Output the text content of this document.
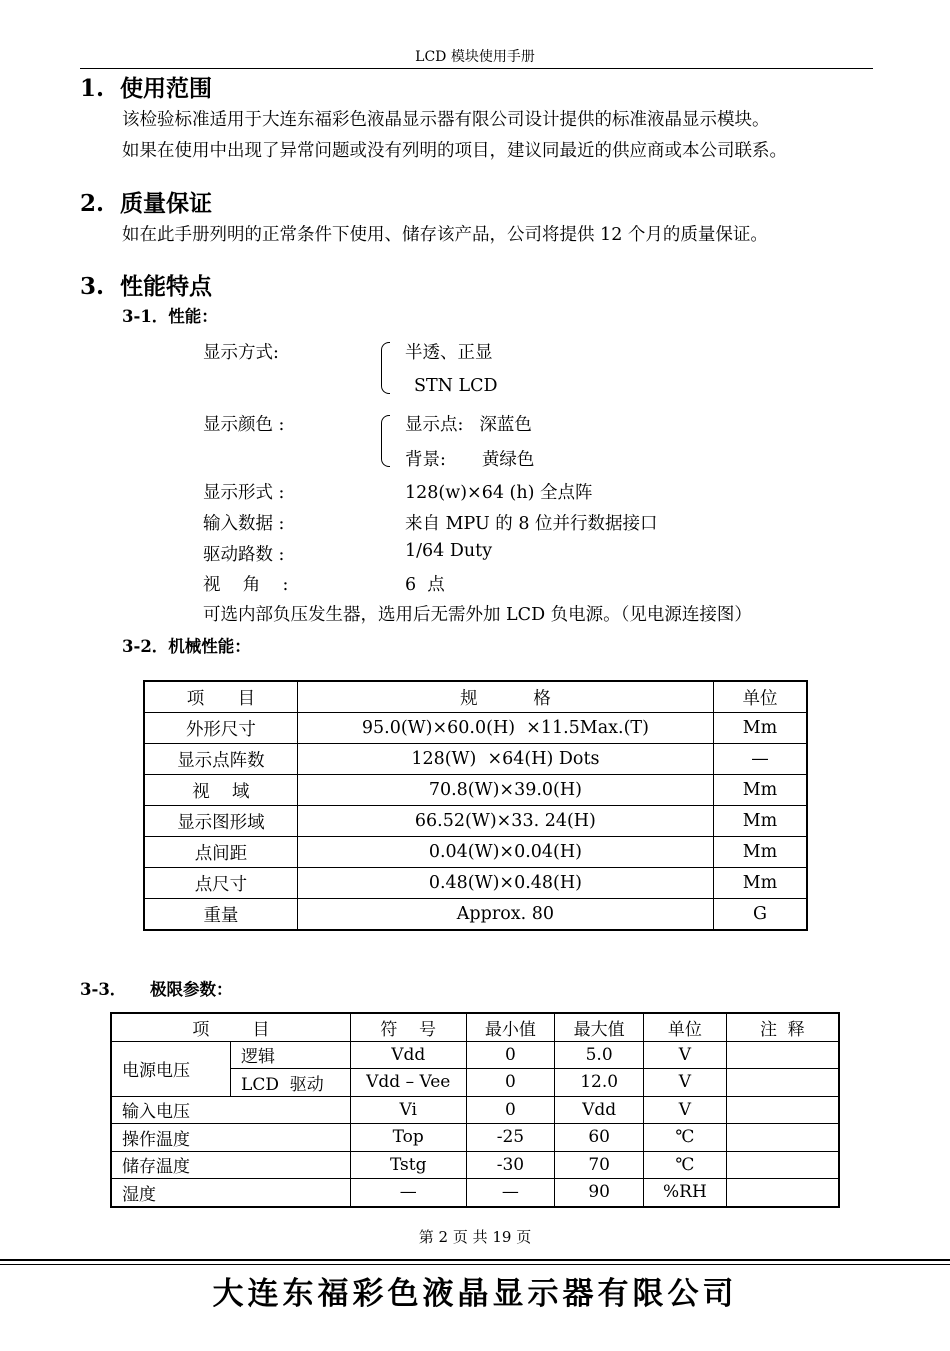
LCD 模块使用手册
1. 使用范围
该检验标准适用于大连东福彩色液晶显示器有限公司设计提供的标准液晶显示模块。
如果在使用中出现了异常问题或没有列明的项目，建议同最近的供应商或本公司联系。
2. 质量保证
如在此手册列明的正常条件下使用、储存该产品，公司将提供 12 个月的质量保证。
3. 性能特点
3-1．性能：
显示方式:	半透、正显
STN LCD
显示颜色 :	显示点: 深蓝色
背景: 黄绿色
显示形式 :	128(w)×64 (h) 全点阵
输入数据 :	来自 MPU 的 8 位并行数据接口
驱动路数 :	1/64 Duty
视    角    :	6  点
可选内部负压发生器，选用后无需外加 LCD 负电源。（见电源连接图）
3-2．机械性能：
项      目	规          格	单位
外形尺寸	95.0(W)×60.0(H)  ×11.5Max.(T)	Mm
显示点阵数	128(W)  ×64(H) Dots	—
视    域	70.8(W)×39.0(H)	Mm
显示图形域	66.52(W)×33. 24(H)	Mm
点间距	0.04(W)×0.04(H)	Mm
点尺寸	0.48(W)×0.48(H)	Mm
重量	Approx. 80	G
3-3． 极限参数：
项        目		符    号	最小值	最大值	单位	注  释
电源电压	逻辑	Vdd	0	5.0	V	
	LCD  驱动	Vdd – Vee	0	12.0	V	
输入电压		Vi	0	Vdd	V	
操作温度		Top	-25	60	℃	
储存温度		Tstg	-30	70	℃	
湿度		—	—	90	%RH	
第 2 页 共 19 页
大连东福彩色液晶显示器有限公司
